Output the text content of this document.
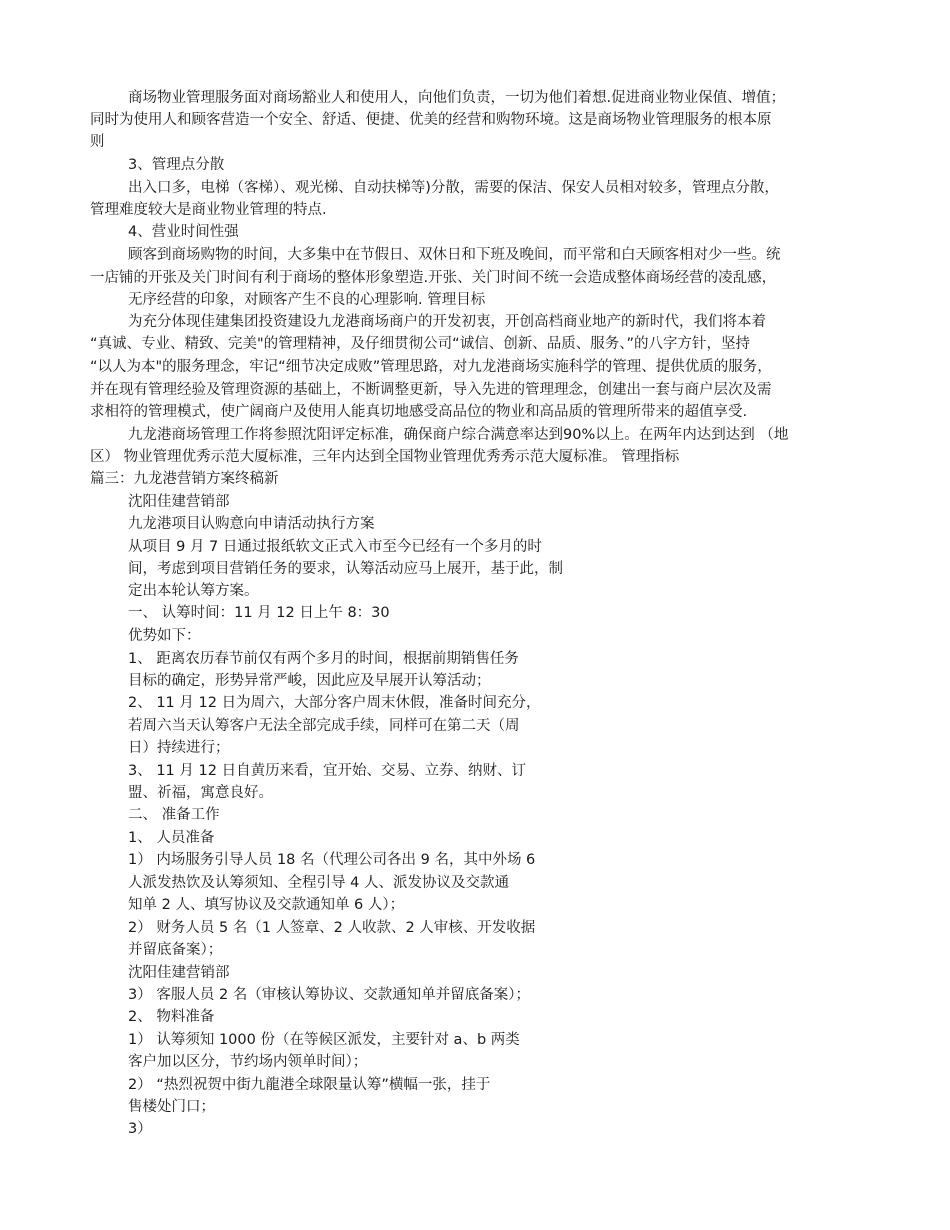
商场物业管理服务面对商场豁业人和使用人，向他们负责，一切为他们着想.促进商业物业保值、增值；
同时为使用人和顾客营造一个安全、舒适、便捷、优美的经营和购物环境。这是商场物业管理服务的根本原
则
3、管理点分散
出入口多，电梯（客梯）、观光梯、自动扶梯等)分散，需要的保洁、保安人员相对较多，管理点分散，
管理难度较大是商业物业管理的特点.
4、营业时间性强
顾客到商场购物的时间，大多集中在节假日、双休日和下班及晚间，而平常和白天顾客相对少一些。统
一店铺的开张及关门时间有利于商场的整体形象塑造.开张、关门时间不统一会造成整体商场经营的凌乱感，
无序经营的印象，对顾客产生不良的心理影响. 管理目标
为充分体现佳建集团投资建设九龙港商场商户的开发初衷，开创高档商业地产的新时代，我们将本着
“真诚、专业、精致、完美"的管理精神，及仔细贯彻公司“诚信、创新、品质、服务、”的八字方针，坚持
“以人为本"的服务理念，牢记“细节决定成败”管理思路，对九龙港商场实施科学的管理、提供优质的服务，
并在现有管理经验及管理资源的基础上，不断调整更新，导入先进的管理理念，创建出一套与商户层次及需
求相符的管理模式，使广阔商户及使用人能真切地感受高品位的物业和高品质的管理所带来的超值享受.
九龙港商场管理工作将参照沈阳评定标准，确保商户综合满意率达到90%以上。在两年内达到达到 （地
区） 物业管理优秀示范大厦标准，三年内达到全国物业管理优秀秀示范大厦标准。 管理指标
篇三：九龙港营销方案终稿新
沈阳佳建营销部
九龙港项目认购意向申请活动执行方案
从项目 9 月 7 日通过报纸软文正式入市至今已经有一个多月的时
间，考虑到项目营销任务的要求，认筹活动应马上展开，基于此，制
定出本轮认筹方案。
一、 认筹时间：11 月 12 日上午 8：30
优势如下：
1、 距离农历春节前仅有两个多月的时间，根据前期销售任务
目标的确定，形势异常严峻，因此应及早展开认筹活动；
2、 11 月 12 日为周六，大部分客户周末休假，准备时间充分，
若周六当天认筹客户无法全部完成手续，同样可在第二天（周
日）持续进行；
3、 11 月 12 日自黄历来看，宜开始、交易、立券、纳财、订
盟、祈福，寓意良好。
二、 准备工作
1、 人员准备
1） 内场服务引导人员 18 名（代理公司各出 9 名，其中外场 6
人派发热饮及认筹须知、全程引导 4 人、派发协议及交款通
知单 2 人、填写协议及交款通知单 6 人）；
2） 财务人员 5 名（1 人签章、2 人收款、2 人审核、开发收据
并留底备案）；
沈阳佳建营销部
3） 客服人员 2 名（审核认筹协议、交款通知单并留底备案）；
2、 物料准备
1） 认筹须知 1000 份（在等候区派发，主要针对 a、b 两类
客户加以区分，节约场内领单时间）；
2） “热烈祝贺中街九龍港全球限量认筹”横幅一张，挂于
售楼处门口；
3）
